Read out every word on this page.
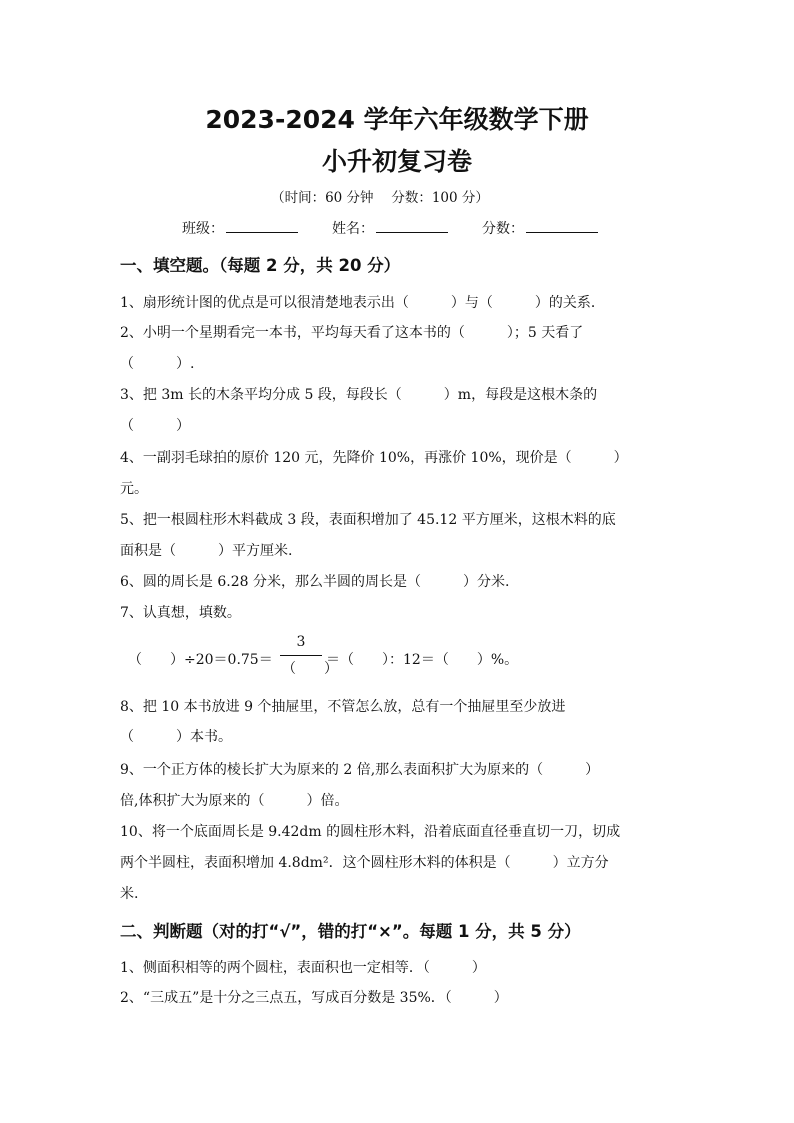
2023-2024 学年六年级数学下册
小升初复习卷
（时间：60 分钟　 分数：100 分）
班级：	姓名：	分数：
一、填空题。（每题 2 分，共 20 分）
1、扇形统计图的优点是可以很清楚地表示出（　　　）与（　　　）的关系．
2、小明一个星期看完一本书，平均每天看了这本书的（　　　）；5 天看了
（　　　）.
3、把 3m 长的木条平均分成 5 段，每段长（　　　）m，每段是这根木条的
（　　　）
4、一副羽毛球拍的原价 120 元，先降价 10%，再涨价 10%，现价是（　　　）
元。
5、把一根圆柱形木料截成 3 段，表面积增加了 45.12 平方厘米，这根木料的底
面积是（　　　）平方厘米.
6、圆的周长是 6.28 分米，那么半圆的周长是（　　　）分米.
7、认真想，填数。
（　　）÷20＝0.75＝
3
（　　）
＝（　　）：12＝（　　）%。
8、把 10 本书放进 9 个抽屉里，不管怎么放，总有一个抽屉里至少放进
（　　　）本书。
9、一个正方体的棱长扩大为原来的 2 倍,那么表面积扩大为原来的（　　　）
倍,体积扩大为原来的（　　　）倍。
10、将一个底面周长是 9.42dm 的圆柱形木料，沿着底面直径垂直切一刀，切成
两个半圆柱，表面积增加 4.8dm²．这个圆柱形木料的体积是（　　　）立方分
米.
二、判断题（对的打“√”，错的打“×”。每题 1 分，共 5 分）
1、侧面积相等的两个圆柱，表面积也一定相等．（　　　）
2、“三成五”是十分之三点五，写成百分数是 35%．（　　　）
